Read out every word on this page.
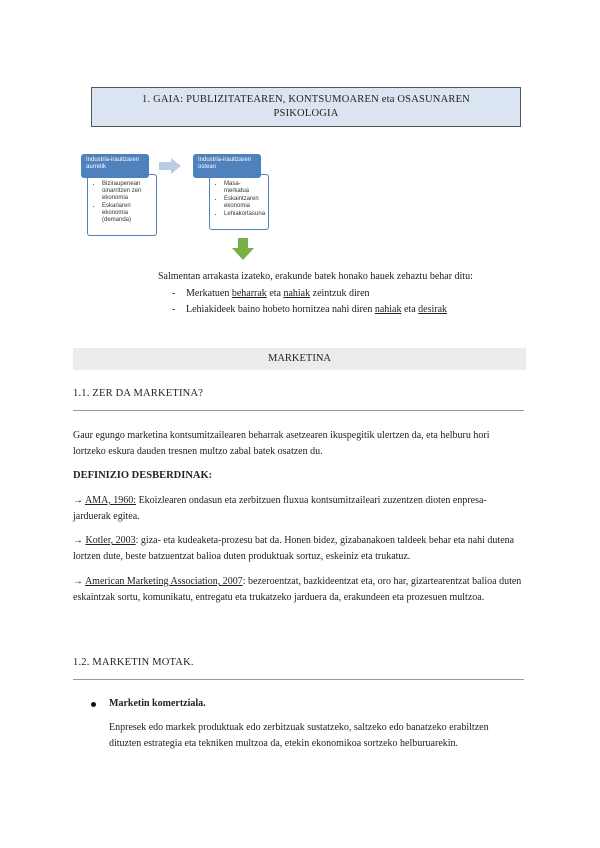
1. GAIA: PUBLIZITATEAREN, KONTSUMOAREN eta OSASUNAREN
PSIKOLOGIA
• Biziraupenean oinarritzen zen ekonomia
• Eskariaren ekonomia (demanda)
Industria-iraultzaren aurretik
• Masa-merkatua
• Eskaintzaren ekonomia
• Lehiakortasuna
Industria-iraultzaren ostean
Salmentan arrakasta izateko, erakunde batek honako hauek zehaztu behar ditu:
- Merkatuen beharrak eta nahiak zeintzuk diren
- Lehiakideek baino hobeto hornitzea nahi diren nahiak eta desirak
MARKETINA
1.1. ZER DA MARKETINA?
Gaur egungo marketina kontsumitzailearen beharrak asetzearen ikuspegitik ulertzen da, eta helburu hori lortzeko eskura dauden tresnen multzo zabal batek osatzen du.
DEFINIZIO DESBERDINAK:
→ AMA, 1960: Ekoizlearen ondasun eta zerbitzuen fluxua kontsumitzaileari zuzentzen dioten enpresa-jarduerak egitea.
→ Kotler, 2003: giza- eta kudeaketa-prozesu bat da. Honen bidez, gizabanakoen taldeek behar eta nahi dutena lortzen dute, beste batzuentzat balioa duten produktuak sortuz, eskeiniz eta trukatuz.
→ American Marketing Association, 2007: bezeroentzat, bazkideentzat eta, oro har, gizartearentzat balioa duten eskaintzak sortu, komunikatu, entregatu eta trukatzeko jarduera da, erakundeen eta prozesuen multzoa.
1.2. MARKETIN MOTAK.
Marketin komertziala.
Enpresek edo markek produktuak edo zerbitzuak sustatzeko, saltzeko edo banatzeko erabiltzen dituzten estrategia eta tekniken multzoa da, etekin ekonomikoa sortzeko helburuarekin.
